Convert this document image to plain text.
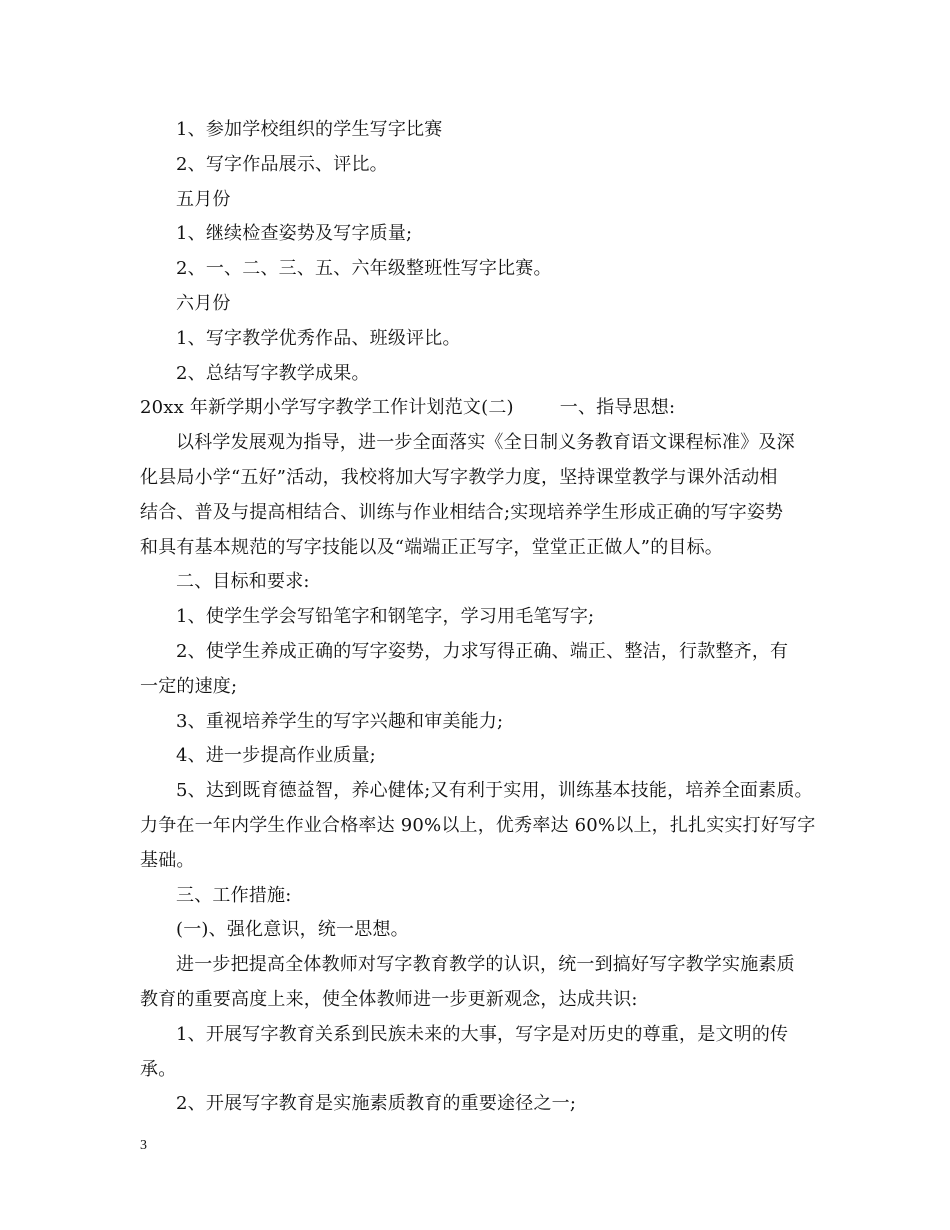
1、参加学校组织的学生写字比赛
2、写字作品展示、评比。
五月份
1、继续检查姿势及写字质量;
2、一、二、三、五、六年级整班性写字比赛。
六月份
1、写字教学优秀作品、班级评比。
2、总结写字教学成果。
20xx 年新学期小学写字教学工作计划范文(二)	一、指导思想:
以科学发展观为指导，进一步全面落实《全日制义务教育语文课程标准》及深
化县局小学“五好”活动，我校将加大写字教学力度，坚持课堂教学与课外活动相
结合、普及与提高相结合、训练与作业相结合;实现培养学生形成正确的写字姿势
和具有基本规范的写字技能以及“端端正正写字，堂堂正正做人”的目标。
二、目标和要求:
1、使学生学会写铅笔字和钢笔字，学习用毛笔写字;
2、使学生养成正确的写字姿势，力求写得正确、端正、整洁，行款整齐，有
一定的速度;
3、重视培养学生的写字兴趣和审美能力;
4、进一步提高作业质量;
5、达到既育德益智，养心健体;又有利于实用，训练基本技能，培养全面素质。
力争在一年内学生作业合格率达 90%以上，优秀率达 60%以上，扎扎实实打好写字
基础。
三、工作措施:
(一)、强化意识，统一思想。
进一步把提高全体教师对写字教育教学的认识，统一到搞好写字教学实施素质
教育的重要高度上来，使全体教师进一步更新观念，达成共识:
1、开展写字教育关系到民族未来的大事，写字是对历史的尊重，是文明的传
承。
2、开展写字教育是实施素质教育的重要途径之一;
3
